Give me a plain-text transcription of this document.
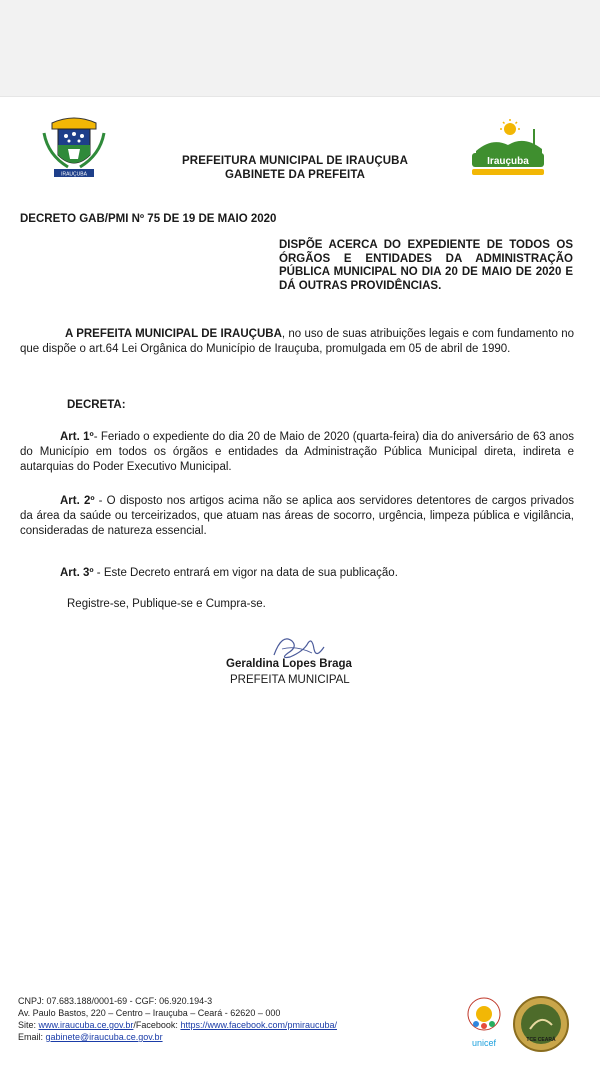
IRAUÇUBA
Irauçuba
PREFEITURA MUNICIPAL DE IRAUÇUBA
GABINETE DA PREFEITA
DECRETO GAB/PMI Nº 75 DE 19 DE MAIO 2020
DISPÕE ACERCA DO EXPEDIENTE DE TODOS OS ÓRGÃOS E ENTIDADES DA ADMINISTRAÇÃO PÚBLICA MUNICIPAL NO DIA 20 DE MAIO DE 2020 E DÁ OUTRAS PROVIDÊNCIAS.
A PREFEITA MUNICIPAL DE IRAUÇUBA, no uso de suas atribuições legais e com fundamento no que dispõe o art.64 Lei Orgânica do Município de Irauçuba, promulgada em 05 de abril de 1990.
DECRETA:
Art. 1º- Feriado o expediente do dia 20 de Maio de 2020 (quarta-feira) dia do aniversário de 63 anos do Município em todos os órgãos e entidades da Administração Pública Municipal direta, indireta e autarquias do Poder Executivo Municipal.
Art. 2º - O disposto nos artigos acima não se aplica aos servidores detentores de cargos privados da área da saúde ou terceirizados, que atuam nas áreas de socorro, urgência, limpeza pública e vigilância, consideradas de natureza essencial.
Art. 3º - Este Decreto entrará em vigor na data de sua publicação.
Registre-se, Publique-se e Cumpra-se.
Geraldina Lopes Braga
PREFEITA MUNICIPAL
CNPJ: 07.683.188/0001-69 - CGF: 06.920.194-3
Av. Paulo Bastos, 220 – Centro – Irauçuba – Ceará - 62620 – 000
Site: www.iraucuba.ce.gov.br/Facebook: https://www.facebook.com/pmiraucuba/
Email: gabinete@iraucuba.ce.gov.br
unicef	TCE CEARÁ
